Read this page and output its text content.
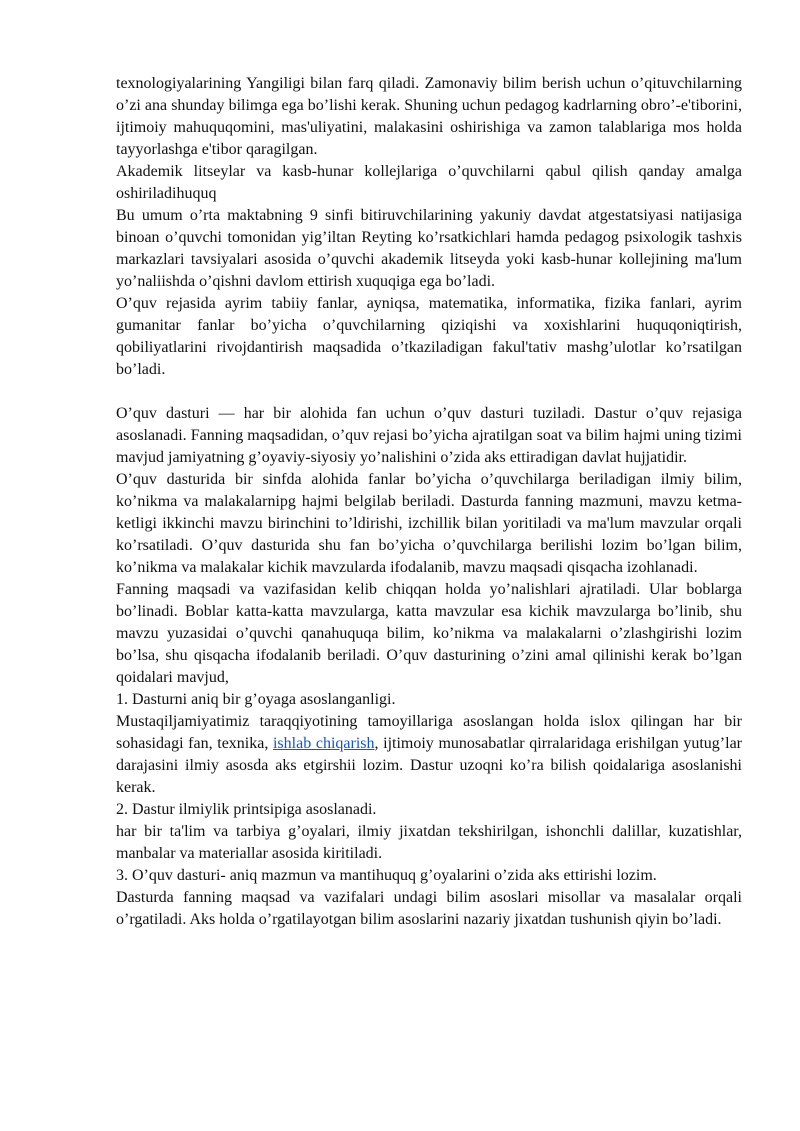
texnologiyalarining Yangiligi bilan farq qiladi. Zamonaviy bilim berish uchun o’qituvchilarning o’zi ana shunday bilimga ega bo’lishi kerak. Shuning uchun pedagog kadrlarning obro’-e'tiborini, ijtimoiy mahuquqomini, mas'uliyatini, malakasini oshirishiga va zamon talablariga mos holda tayyorlashga e'tibor qaragilgan.

Akademik litseylar va kasb-hunar kollejlariga o’quvchilarni qabul qilish qanday amalga oshiriladihuquq

Bu umum o’rta maktabning 9 sinfi bitiruvchilarining yakuniy davdat atgestatsiyasi natijasiga binoan o’quvchi tomonidan yig’iltan Reyting ko’rsatkichlari hamda pedagog psixologik tashxis markazlari tavsiyalari asosida o’quvchi akademik litseyda yoki kasb-hunar kollejining ma'lum yo’naliishda o’qishni davlom ettirish xuquqiga ega bo’ladi.

O’quv rejasida ayrim tabiiy fanlar, ayniqsa, matematika, informatika, fizika fanlari, ayrim gumanitar fanlar bo’yicha o’quvchilarning qiziqishi va xoxishlarini huquqoniqtirish, qobiliyatlarini rivojdantirish maqsadida o’tkaziladigan fakul'tativ mashg’ulotlar ko’rsatilgan bo’ladi.

O’quv dasturi — har bir alohida fan uchun o’quv dasturi tuziladi. Dastur o’quv rejasiga asoslanadi. Fanning maqsadidan, o’quv rejasi bo’yicha ajratilgan soat va bilim hajmi uning tizimi mavjud jamiyatning g’oyaviy-siyosiy yo’nalishini o’zida aks ettiradigan davlat hujjatidir.

O’quv dasturida bir sinfda alohida fanlar bo’yicha o’quvchilarga beriladigan ilmiy bilim, ko’nikma va malakalarnipg hajmi belgilab beriladi. Dasturda fanning mazmuni, mavzu ketma-ketligi ikkinchi mavzu birinchini to’ldirishi, izchillik bilan yoritiladi va ma'lum mavzular orqali ko’rsatiladi. O’quv dasturida shu fan bo’yicha o’quvchilarga berilishi lozim bo’lgan bilim, ko’nikma va malakalar kichik mavzularda ifodalanib, mavzu maqsadi qisqacha izohlanadi.

Fanning maqsadi va vazifasidan kelib chiqqan holda yo’nalishlari ajratiladi. Ular boblarga bo’linadi. Boblar katta-katta mavzularga, katta mavzular esa kichik mavzularga bo’linib, shu mavzu yuzasidai o’quvchi qanahuquqa bilim, ko’nikma va malakalarni o’zlashgirishi lozim bo’lsa, shu qisqacha ifodalanib beriladi. O’quv dasturining o’zini amal qilinishi kerak bo’lgan qoidalari mavjud,

1. Dasturni aniq bir g’oyaga asoslanganligi.

Mustaqiljamiyatimiz taraqqiyotining tamoyillariga asoslangan holda islox qilingan har bir sohasidagi fan, texnika, ishlab chiqarish, ijtimoiy munosabatlar qirralaridaga erishilgan yutug’lar darajasini ilmiy asosda aks etgirshii lozim. Dastur uzoqni ko’ra bilish qoidalariga asoslanishi kerak.

2. Dastur ilmiylik printsipiga asoslanadi.

har bir ta'lim va tarbiya g’oyalari, ilmiy jixatdan tekshirilgan, ishonchli dalillar, kuzatishlar, manbalar va materiallar asosida kiritiladi.

3. O’quv dasturi- aniq mazmun va mantihuquq g’oyalarini o’zida aks ettirishi lozim.

Dasturda fanning maqsad va vazifalari undagi bilim asoslari misollar va masalalar orqali o’rgatiladi. Aks holda o’rgatilayotgan bilim asoslarini nazariy jixatdan tushunish qiyin bo’ladi.
